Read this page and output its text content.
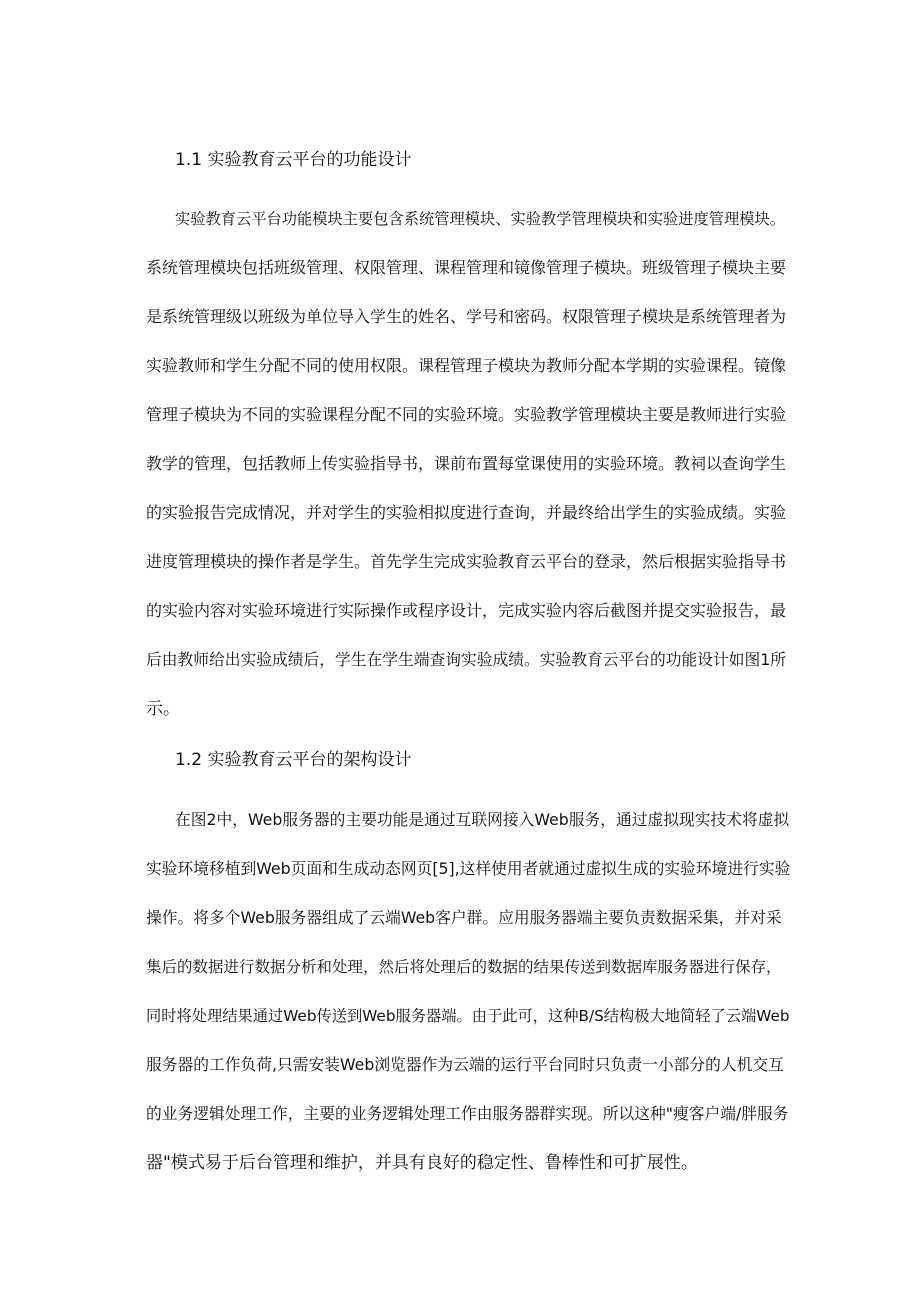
1.1 实验教育云平台的功能设计
实验教育云平台功能模块主要包含系统管理模块、实验教学管理模块和实验进度管理模块。
系统管理模块包括班级管理、权限管理、课程管理和镜像管理子模块。班级管理子模块主要
是系统管理级以班级为单位导入学生的姓名、学号和密码。权限管理子模块是系统管理者为
实验教师和学生分配不同的使用权限。课程管理子模块为教师分配本学期的实验课程。镜像
管理子模块为不同的实验课程分配不同的实验环境。实验教学管理模块主要是教师进行实验
教学的管理，包括教师上传实验指导书，课前布置每堂课使用的实验环境。教祠以查询学生
的实验报告完成情况，并对学生的实验相拟度进行查询，并最终给出学生的实验成绩。实验
进度管理模块的操作者是学生。首先学生完成实验教育云平台的登录，然后根据实验指导书
的实验内容对实验环境进行实际操作或程序设计，完成实验内容后截图并提交实验报告，最
后由教师给出实验成绩后，学生在学生端查询实验成绩。实验教育云平台的功能设计如图1所
示。
1.2 实验教育云平台的架构设计
在图2中，Web服务器的主要功能是通过互联网接入Web服务，通过虚拟现实技术将虚拟
实验环境移植到Web页面和生成动态网页[5],这样使用者就通过虚拟生成的实验环境进行实验
操作。将多个Web服务器组成了云端Web客户群。应用服务器端主要负责数据采集，并对采
集后的数据进行数据分析和处理，然后将处理后的数据的结果传送到数据库服务器进行保存，
同时将处理结果通过Web传送到Web服务器端。由于此可，这种B/S结构极大地简轻了云端Web
服务器的工作负荷,只需安装Web浏览器作为云端的运行平台同时只负责一小部分的人机交互
的业务逻辑处理工作，主要的业务逻辑处理工作由服务器群实现。所以这种"瘦客户端/胖服务
器"模式易于后台管理和维护，并具有良好的稳定性、鲁棒性和可扩展性。
